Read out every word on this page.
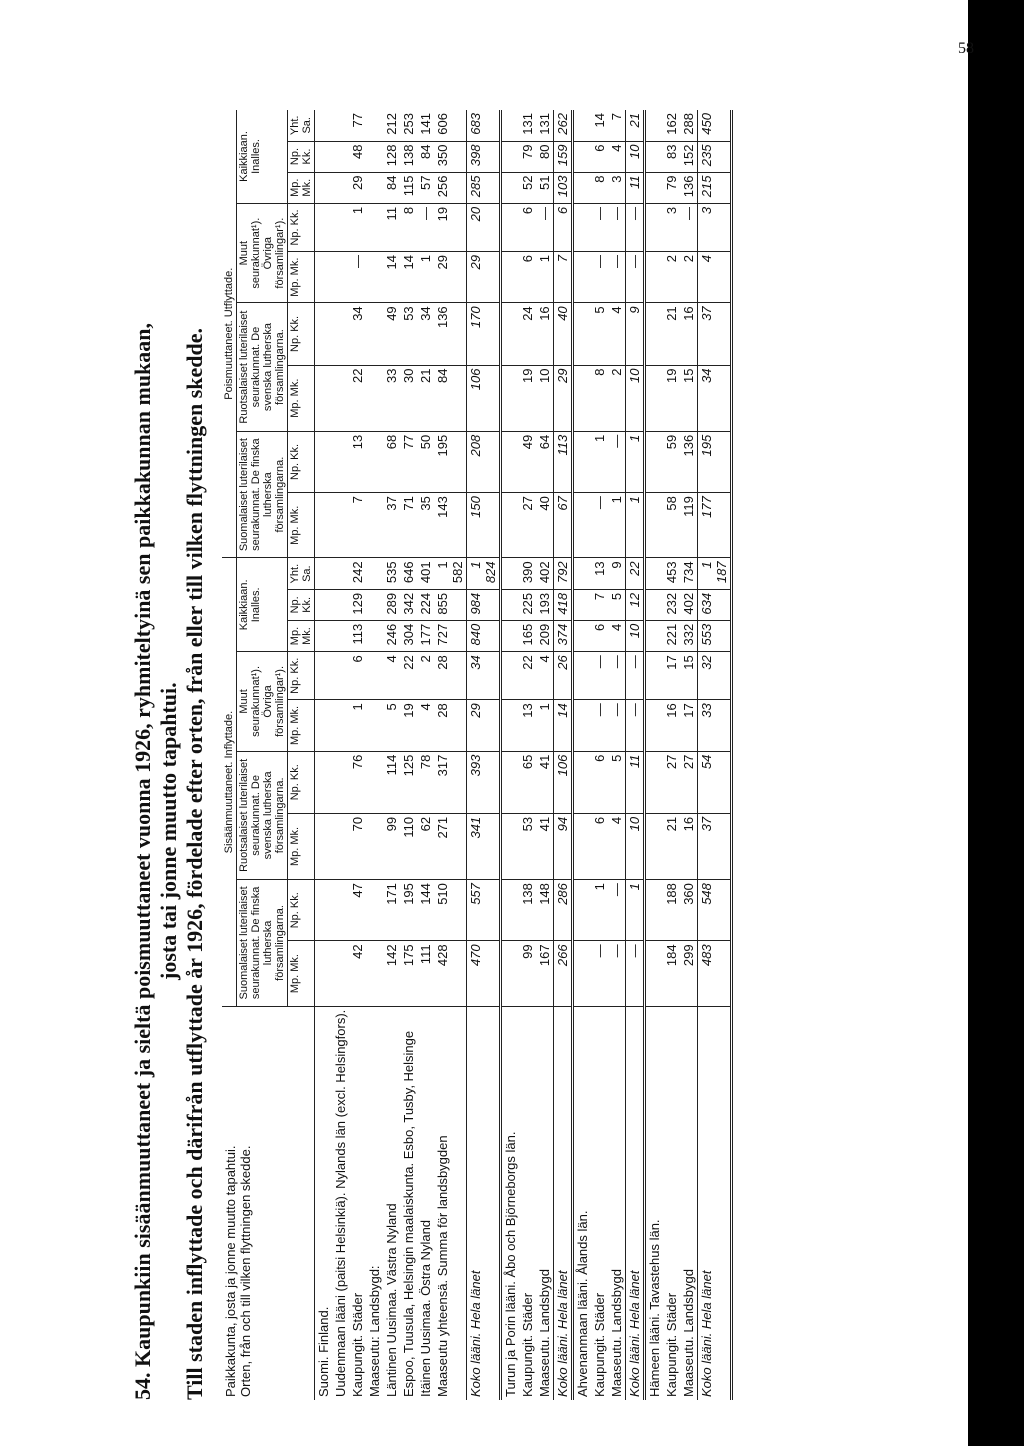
58
54. Kaupunkiin sisäänmuuttaneet ja sieltä poismuuttaneet vuonna 1926, ryhmiteltyinä sen paikkakunnan mukaan, josta tai jonne muutto tapahtui. Till staden inflyttade och därifrån utflyttade år 1926, fördelade efter orten, från eller till vilken flyttningen skedde. Paikkakunta, josta ja jonne muutto tapahtui.
Orten, från och till vilken flyttningen skedde.	Sisäänmuuttaneet. Inflyttade.									Poismuuttaneet. Utflyttade.								
	Suomalaiset luterilaiset seurakunnat. De finska lutherska församlingarna.		Ruotsalaiset luterilaiset seurakunnat. De svenska lutherska församlingarna.		Muut seurakunnat¹). Övriga församlingar¹).		Kaikkiaan. Inalles.			Suomalaiset luterilaiset seurakunnat. De finska lutherska församlingarna.		Ruotsalaiset luterilaiset seurakunnat. De svenska lutherska församlingarna.		Muut seurakunnat¹). Övriga församlingar¹).		Kaikkiaan. Inalles.		
	Mp. Mk.	Np. Kk.	Mp. Mk.	Np. Kk.	Mp. Mk.	Np. Kk.	Mp. Mk.	Np. Kk.	Yht. Sa.	Mp. Mk.	Np. Kk.	Mp. Mk.	Np. Kk.	Mp. Mk.	Np. Kk.	Mp. Mk.	Np. Kk.	Yht. Sa.
Suomi. Finland.																		
Uudenmaan lääni (paitsi Helsinkiä). Nylands län (excl. Helsingfors).																		
Kaupungit. Städer	42	47	70	76	1	6	113	129	242	7	13	22	34	—	1	29	48	77
Maaseutu: Landsbygd:																		
Läntinen Uusimaa. Västra Nyland	142	171	99	114	5	4	246	289	535	37	68	33	49	14	11	84	128	212
Espoo, Tuusula, Helsingin maalaiskunta. Esbo, Tusby, Helsinge	175	195	110	125	19	22	304	342	646	71	77	30	53	14	8	115	138	253
Itäinen Uusimaa. Östra Nyland	111	144	62	78	4	2	177	224	401	35	50	21	34	1	—	57	84	141
Maaseutu yhteensä. Summa för landsbygden	428	510	271	317	28	28	727	855	1 582	143	195	84	136	29	19	256	350	606
Koko lääni. Hela länet	470	557	341	393	29	34	840	984	1 824	150	208	106	170	29	20	285	398	683
Turun ja Porin lääni. Åbo och Björneborgs län.																		
Kaupungit. Städer	99	138	53	65	13	22	165	225	390	27	49	19	24	6	6	52	79	131
Maaseutu. Landsbygd	167	148	41	41	1	4	209	193	402	40	64	10	16	1	—	51	80	131
Koko lääni. Hela länet	266	286	94	106	14	26	374	418	792	67	113	29	40	7	6	103	159	262
Ahvenanmaan lääni. Ålands län.																		
Kaupungit. Städer	—	1	6	6	—	—	6	7	13	—	1	8	5	—	—	8	6	14
Maaseutu. Landsbygd	—	—	4	5	—	—	4	5	9	1	—	2	4	—	—	3	4	7
Koko lääni. Hela länet	—	1	10	11	—	—	10	12	22	1	1	10	9	—	—	11	10	21
Hämeen lääni. Tavastehus län.																		
Kaupungit. Städer	184	188	21	27	16	17	221	232	453	58	59	19	21	2	3	79	83	162
Maaseutu. Landsbygd	299	360	16	27	17	15	332	402	734	119	136	15	16	2	—	136	152	288
Koko lääni. Hela länet	483	548	37	54	33	32	553	634	1 187	177	195	34	37	4	3	215	235	450
